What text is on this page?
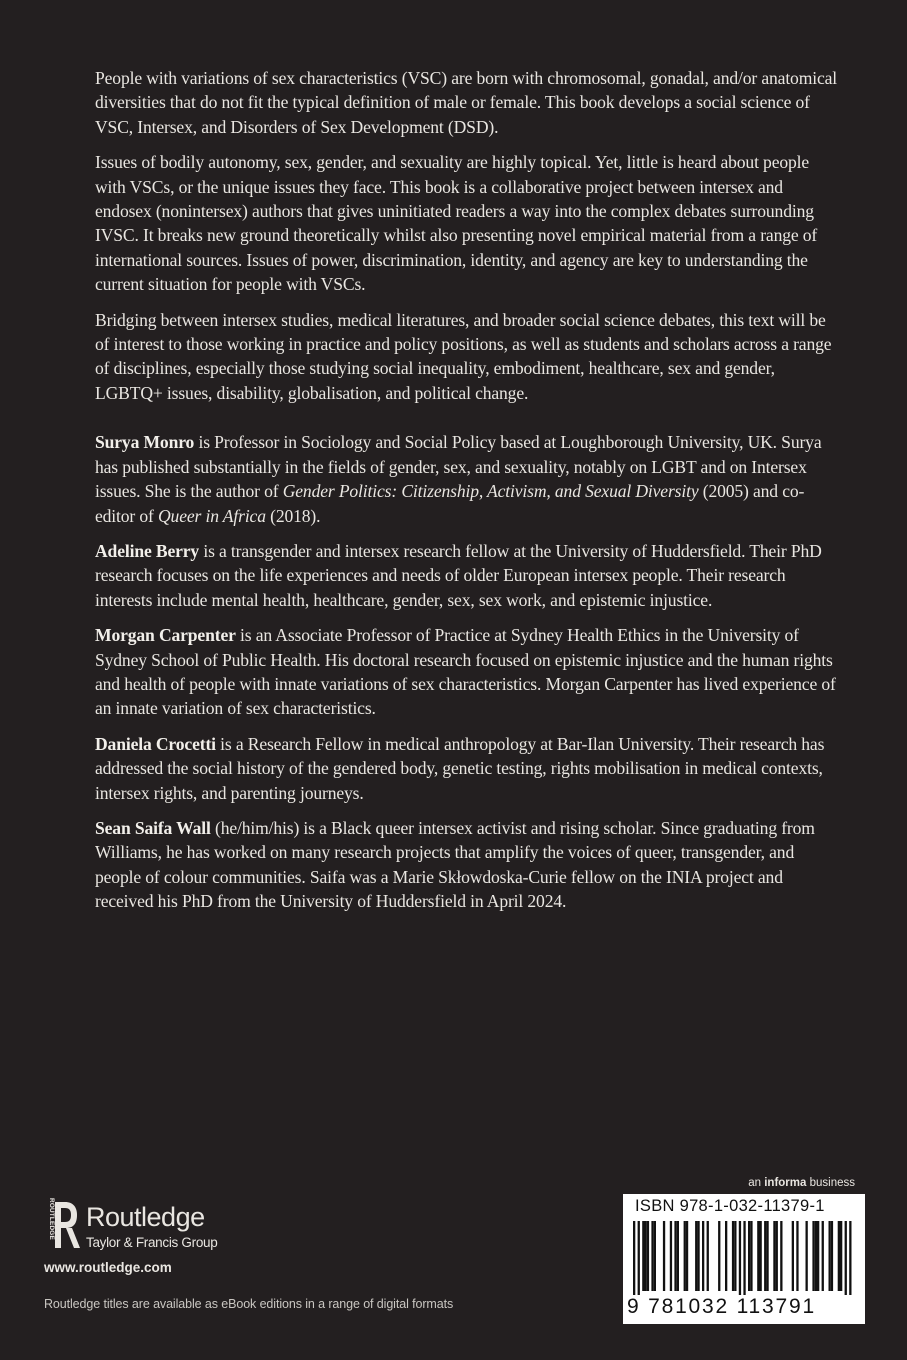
People with variations of sex characteristics (VSC) are born with chromosomal, gonadal, and/or anatomical diversities that do not fit the typical definition of male or female. This book develops a social science of VSC, Intersex, and Disorders of Sex Development (DSD).

Issues of bodily autonomy, sex, gender, and sexuality are highly topical. Yet, little is heard about people with VSCs, or the unique issues they face. This book is a collaborative project between intersex and endosex (nonintersex) authors that gives uninitiated readers a way into the complex debates surrounding IVSC. It breaks new ground theoretically whilst also presenting novel empirical material from a range of international sources. Issues of power, discrimination, identity, and agency are key to understanding the current situation for people with VSCs.

Bridging between intersex studies, medical literatures, and broader social science debates, this text will be of interest to those working in practice and policy positions, as well as students and scholars across a range of disciplines, especially those studying social inequality, embodiment, healthcare, sex and gender, LGBTQ+ issues, disability, globalisation, and political change.

Surya Monro is Professor in Sociology and Social Policy based at Loughborough University, UK. Surya has published substantially in the fields of gender, sex, and sexuality, notably on LGBT and on Intersex issues. She is the author of Gender Politics: Citizenship, Activism, and Sexual Diversity (2005) and co-editor of Queer in Africa (2018).

Adeline Berry is a transgender and intersex research fellow at the University of Huddersfield. Their PhD research focuses on the life experiences and needs of older European intersex people. Their research interests include mental health, healthcare, gender, sex, sex work, and epistemic injustice.

Morgan Carpenter is an Associate Professor of Practice at Sydney Health Ethics in the University of Sydney School of Public Health. His doctoral research focused on epistemic injustice and the human rights and health of people with innate variations of sex characteristics. Morgan Carpenter has lived experience of an innate variation of sex characteristics.

Daniela Crocetti is a Research Fellow in medical anthropology at Bar-Ilan University. Their research has addressed the social history of the gendered body, genetic testing, rights mobilisation in medical contexts, intersex rights, and parenting journeys.

Sean Saifa Wall (he/him/his) is a Black queer intersex activist and rising scholar. Since graduating from Williams, he has worked on many research projects that amplify the voices of queer, transgender, and people of colour communities. Saifa was a Marie Skłowdoska-Curie fellow on the INIA project and received his PhD from the University of Huddersfield in April 2024.

ROUTLEDGE Routledge
Taylor & Francis Group
www.routledge.com
Routledge titles are available as eBook editions in a range of digital formats
an informa business
ISBN 978-1-032-11379-1
9 781032 113791
